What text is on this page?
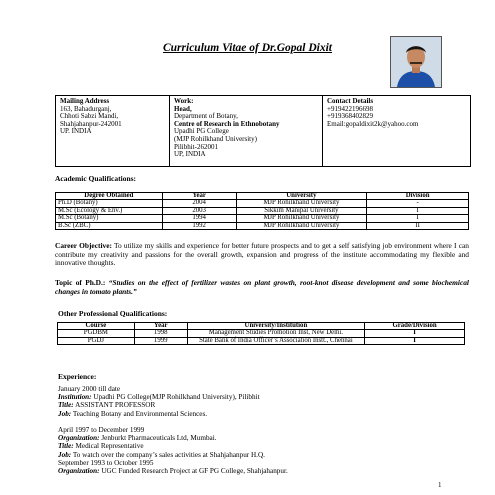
Curriculum Vitae of Dr.Gopal Dixit
Mailing Address
163, Bahadurganj,
Chhoti Sabzi Mandi,
Shahjahanpur-242001
UP. INDIA
Work:
Head,
Department of Botany,
Centre of Research in Ethnobotany
Upadhi PG College
(MJP Rohilkhand University)
Pilibhit-262001
UP, INDIA
Contact Details
+919422196698
+919368402829
Email:gopaldixit2k@yahoo.com
Academic Qualifications:
Degree Obtained	Year	University	Division
Ph.D (Botany)	2004	MJP Rohilkhand University	-
M.Sc (Ecology & Env.)	2003	Sikkim Manipal University	I
M.Sc (Botany)	1994	MJP Rohilkhand University	I
B.Sc (ZBC)	1992	MJP Rohilkhand University	II
Career Objective: To utilize my skills and experience for better future prospects and to get a self satisfying job environment where I can contribute my creativity and passions for the overall growth, expansion and progress of the institute accommodating my flexible and innovative thoughts.
Topic of Ph.D.: “Studies on the effect of fertilizer wastes on plant growth, root-knot disease development and some biochemical changes in tomato plants.”
Other Professional Qualifications:
Course	Year	University/Institution	Grade/Division
PGDBM	1998	Management Studies Promotion Inst, New Delhi.	I
PGDJ	1999	State Bank of India Officer’s Association Instt., Chennai	I
Experience:
January 2000 till date
Institution: Upadhi PG College(MJP Rohilkhand University), Pilibhit
Title: ASSISTANT PROFESSOR
Job: Teaching Botany and Environmental Sciences.
April 1997 to December 1999
Organization: Jenburkt Pharmaceuticals Ltd, Mumbai.
Title: Medical Representative
Job: To watch over the company’s sales activities at Shahjahanpur H.Q.
September 1993 to October 1995
Organization: UGC Funded Research Project at GF PG College, Shahjahanpur.
1
